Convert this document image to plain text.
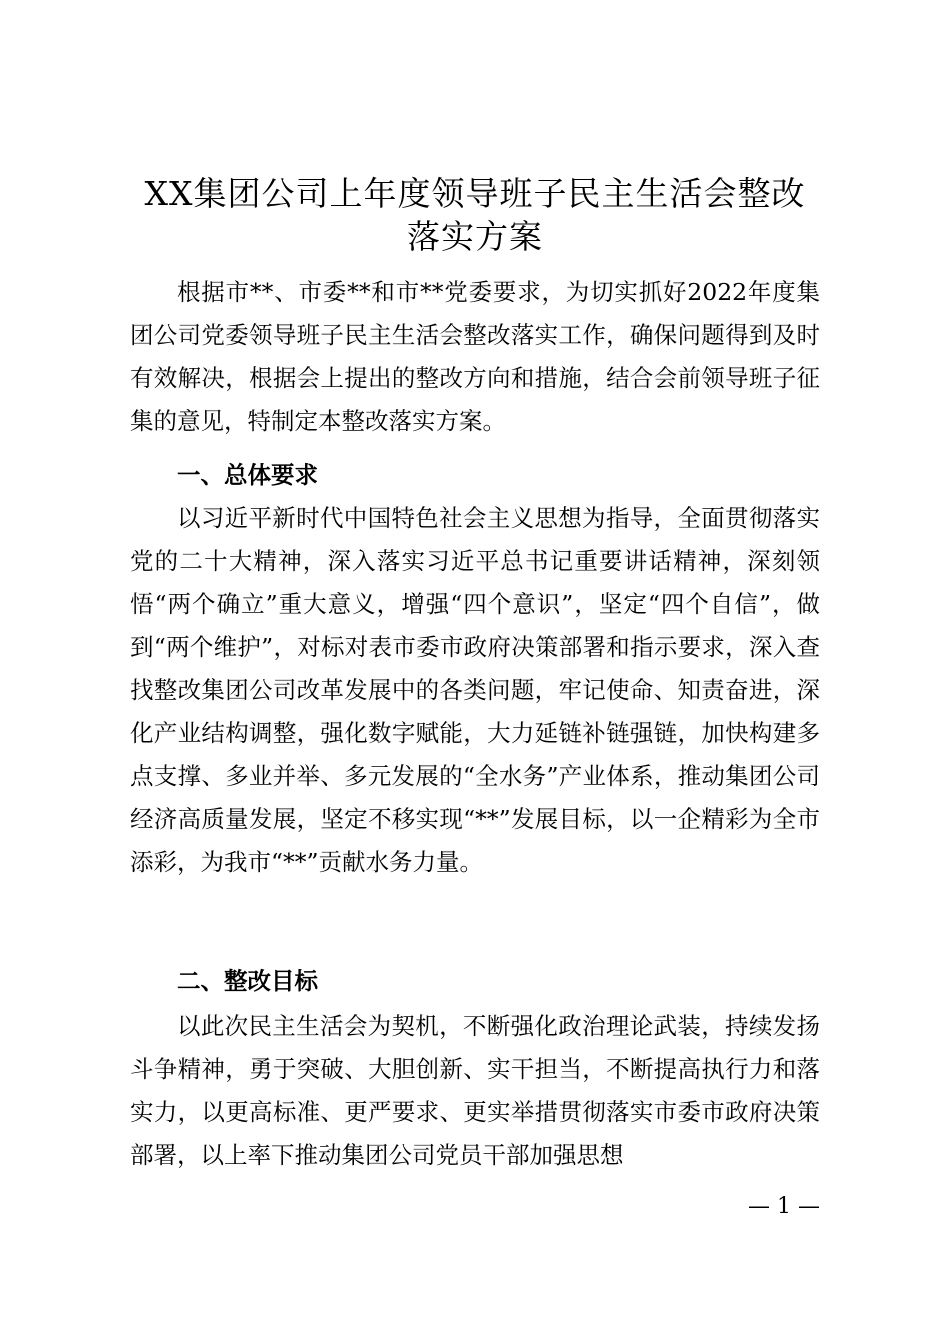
XX集团公司上年度领导班子民主生活会整改
落实方案

根据市**、市委**和市**党委要求，为切实抓好2022年度集团公司党委领导班子民主生活会整改落实工作，确保问题得到及时有效解决，根据会上提出的整改方向和措施，结合会前领导班子征集的意见，特制定本整改落实方案。

一、总体要求

以习近平新时代中国特色社会主义思想为指导，全面贯彻落实党的二十大精神，深入落实习近平总书记重要讲话精神，深刻领悟“两个确立”重大意义，增强“四个意识”，坚定“四个自信”，做到“两个维护”，对标对表市委市政府决策部署和指示要求，深入查找整改集团公司改革发展中的各类问题，牢记使命、知责奋进，深化产业结构调整，强化数字赋能，大力延链补链强链，加快构建多点支撑、多业并举、多元发展的“全水务”产业体系，推动集团公司经济高质量发展，坚定不移实现“**”发展目标，以一企精彩为全市添彩，为我市“**”贡献水务力量。

二、整改目标

以此次民主生活会为契机，不断强化政治理论武装，持续发扬斗争精神，勇于突破、大胆创新、实干担当，不断提高执行力和落实力，以更高标准、更严要求、更实举措贯彻落实市委市政府决策部署，以上率下推动集团公司党员干部加强思想

— 1 —
